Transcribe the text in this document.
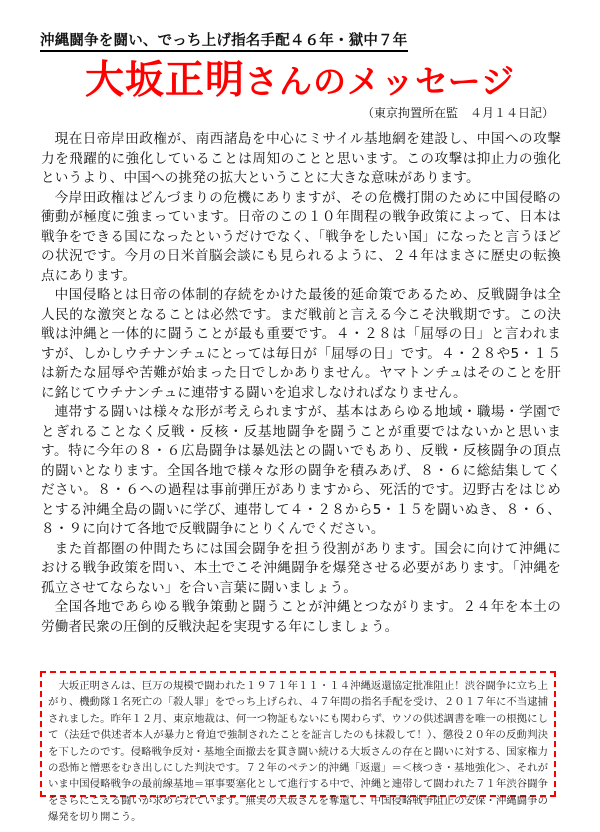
沖縄闘争を闘い、でっち上げ指名手配４６年・獄中７年
大坂正明さんのメッセージ
（東京拘置所在監　４月１４日記）

現在日帝岸田政権が、南西諸島を中心にミサイル基地網を建設し、中国への攻撃力を飛躍的に強化していることは周知のことと思います。この攻撃は抑止力の強化というより、中国への挑発の拡大ということに大きな意味があります。

今岸田政権はどんづまりの危機にありますが、その危機打開のために中国侵略の衝動が極度に強まっています。日帝のこの１０年間程の戦争政策によって、日本は戦争をできる国になったというだけでなく、「戦争をしたい国」になったと言うほどの状況です。今月の日米首脳会談にも見られるように、２４年はまさに歴史の転換点にあります。

中国侵略とは日帝の体制的存続をかけた最後的延命策であるため、反戦闘争は全人民的な激突となることは必然です。まだ戦前と言える今こそ決戦期です。この決戦は沖縄と一体的に闘うことが最も重要です。４・２８は「屈辱の日」と言われますが、しかしウチナンチュにとっては毎日が「屈辱の日」です。４・２８や5・１５は新たな屈辱や苦難が始まった日でしかありません。ヤマトンチュはそのことを肝に銘じてウチナンチュに連帯する闘いを追求しなければなりません。

連帯する闘いは様々な形が考えられますが、基本はあらゆる地域・職場・学園でとぎれることなく反戦・反核・反基地闘争を闘うことが重要ではないかと思います。特に今年の８・６広島闘争は暴処法との闘いでもあり、反戦・反核闘争の頂点的闘いとなります。全国各地で様々な形の闘争を積みあげ、８・６に総結集してください。８・６への過程は事前弾圧がありますから、死活的です。辺野古をはじめとする沖縄全島の闘いに学び、連帯して４・２８から5・１５を闘いぬき、８・６、８・９に向けて各地で反戦闘争にとりくんでください。

また首都圏の仲間たちには国会闘争を担う役割があります。国会に向けて沖縄における戦争政策を問い、本土でこそ沖縄闘争を爆発させる必要があります。「沖縄を孤立させてならない」を合い言葉に闘いましょう。

全国各地であらゆる戦争策動と闘うことが沖縄とつながります。２４年を本土の労働者民衆の圧倒的反戦決起を実現する年にしましょう。

大坂正明さんは、巨万の規模で闘われた１９７１年１１・１４沖縄返還協定批准阻止！渋谷闘争に立ち上がり、機動隊１名死亡の「殺人罪」をでっち上げられ、４７年間の指名手配を受け、２０１７年に不当逮捕されました。昨年１２月、東京地裁は、何一つ物証もないにも関わらず、ウソの供述調書を唯一の根拠にして（法廷で供述者本人が暴力と脅迫で強制されたことを証言したのも抹殺して！）、懲役２０年の反動判決を下したのです。侵略戦争反対・基地全面撤去を貫き闘い続ける大坂さんの存在と闘いに対する、国家権力の恐怖と憎悪をむき出しにした判決です。７２年のペテン的沖縄「返還」＝＜核つき・基地強化＞、それがいま中国侵略戦争の最前線基地＝軍事要塞化として進行する中で、沖縄と連帯して闘われた７１年渋谷闘争をさらにこえる闘いが求められています。無実の大坂さんを奪還し、中国侵略戦争阻止の安保・沖縄闘争の爆発を切り開こう。
